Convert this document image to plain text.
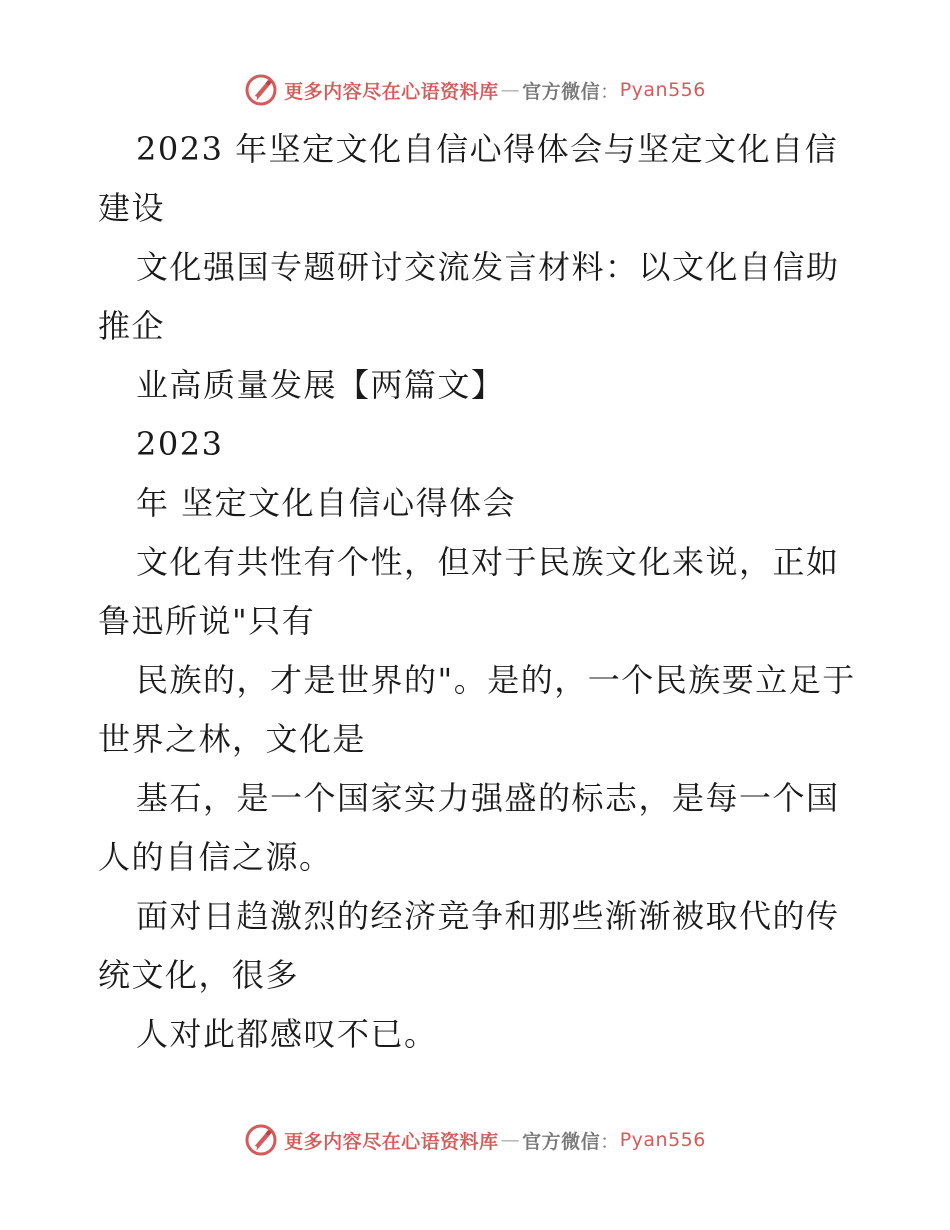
更多内容尽在心语资料库 — 官方微信 ： Pyan556

2023 年坚定文化自信心得体会与坚定文化自信建设

文化强国专题研讨交流发言材料：以文化自信助推企

业高质量发展【两篇文】

2023

年 坚定文化自信心得体会

文化有共性有个性，但对于民族文化来说，正如鲁迅所说"只有

民族的，才是世界的"。是的，一个民族要立足于世界之林，文化是

基石，是一个国家实力强盛的标志，是每一个国人的自信之源。

面对日趋激烈的经济竞争和那些渐渐被取代的传统文化，很多

人对此都感叹不已。

更多内容尽在心语资料库 — 官方微信 ： Pyan556
